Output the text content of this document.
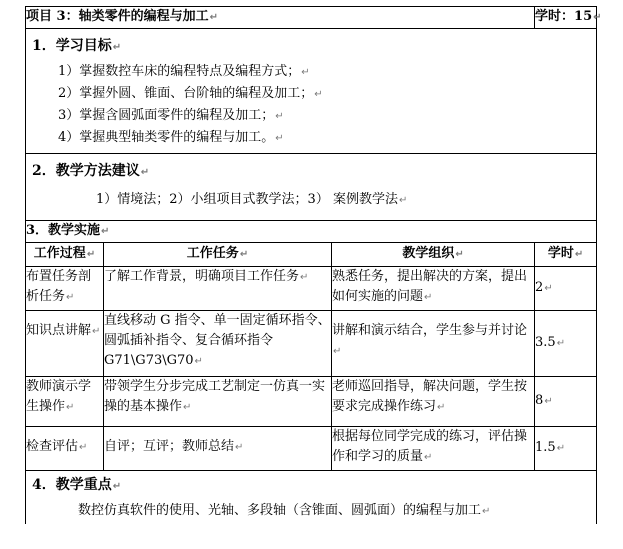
项目 3：轴类零件的编程与加工↵			学时：15↵

1．学习目标↵
1）掌握数控车床的编程特点及编程方式；↵
2）掌握外圆、锥面、台阶轴的编程及加工；↵
3）掌握含圆弧面零件的编程及加工；↵
4）掌握典型轴类零件的编程与加工。↵			

2．教学方法建议↵
1）情境法；2）小组项目式教学法；3） 案例教学法↵			

3．教学实施↵			
工作过程↵	工作任务↵	教学组织↵	学时↵
布置任务剖析任务↵	了解工作背景，明确项目工作任务↵	熟悉任务，提出解决的方案，提出如何实施的问题↵	2↵
知识点讲解↵	直线移动 G 指令、单一固定循环指令、圆弧插补指令、复合循环指令 G71\G73\G70↵	讲解和演示结合，学生参与并讨论↵	3.5↵
教师演示学生操作↵	带领学生分步完成工艺制定一仿真一实操的基本操作↵	老师巡回指导，解决问题，学生按要求完成操作练习↵	8↵
检查评估↵	自评；互评；教师总结↵	根据每位同学完成的练习，评估操作和学习的质量↵	1.5↵

4．教学重点↵
数控仿真软件的使用、光轴、多段轴（含锥面、圆弧面）的编程与加工↵			
